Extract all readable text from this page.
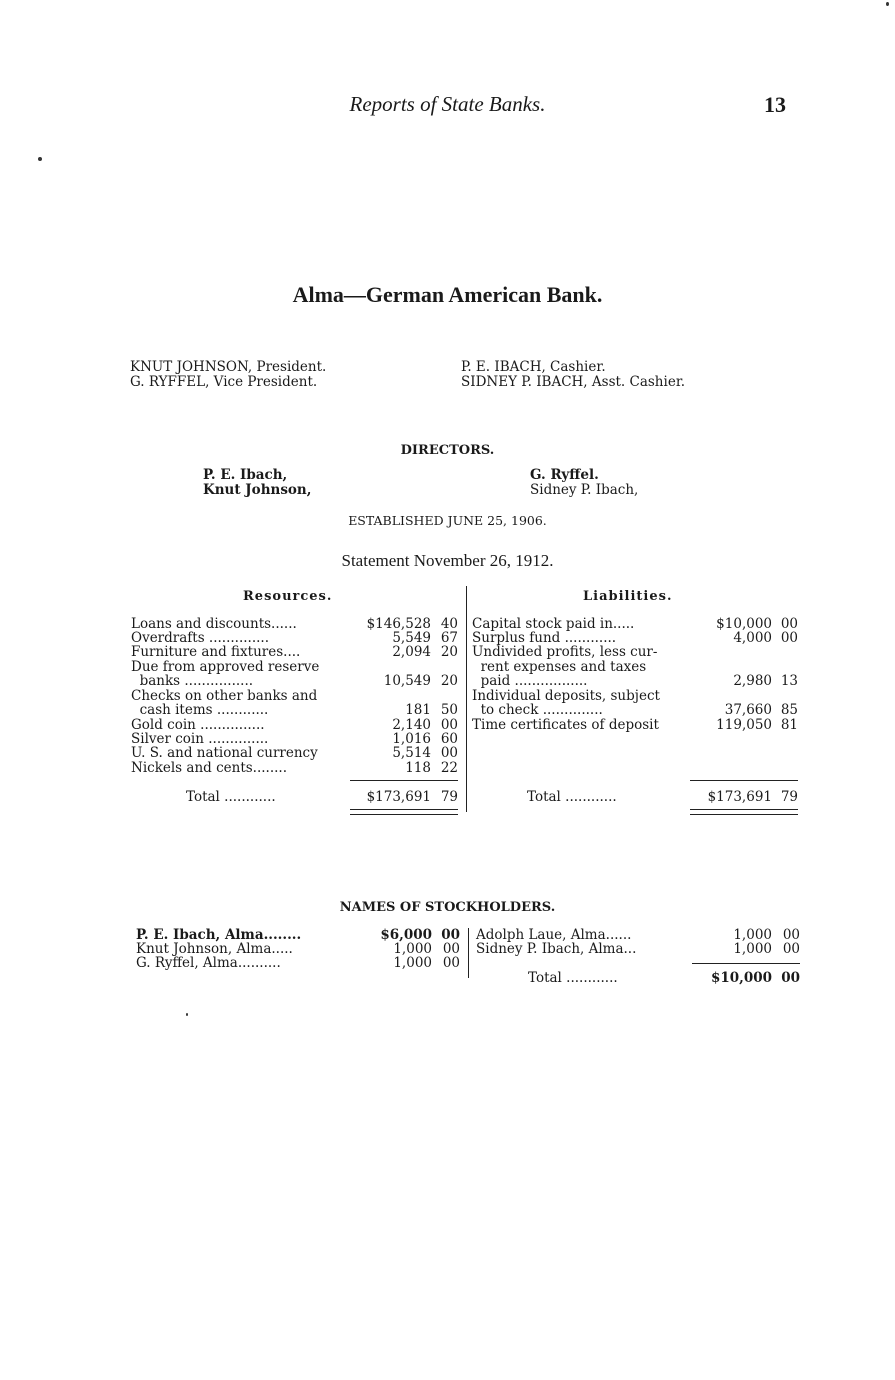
Reports of State Banks.	13
Alma—German American Bank.
KNUT JOHNSON, President.
G. RYFFEL, Vice President.
P. E. IBACH, Cashier.
SIDNEY P. IBACH, Asst. Cashier.
DIRECTORS.
P. E. Ibach,
Knut Johnson,
G. Ryffel.
Sidney P. Ibach,
ESTABLISHED JUNE 25, 1906.
Statement November 26, 1912.
Resources.	Liabilities.
Loans and discounts......	$146,528 40
Overdrafts ..............	5,549 67
Furniture and fixtures....	2,094 20
Due from approved reserve
banks ................	10,549 20
Checks on other banks and
cash items ............	181 50
Gold coin ...............	2,140 00
Silver coin ..............	1,016 60
U. S. and national currency	5,514 00
Nickels and cents........	118 22
Total ............	$173,691 79
Capital stock paid in.....	$10,000 00
Surplus fund ............	4,000 00
Undivided profits, less cur-
rent expenses and taxes
paid .................	2,980 13
Individual deposits, subject
to check ..............	37,660 85
Time certificates of deposit	119,050 81
Total ............	$173,691 79
NAMES OF STOCKHOLDERS.
P. E. Ibach, Alma........	$6,000 00
Knut Johnson, Alma.....	1,000 00
G. Ryffel, Alma..........	1,000 00
Adolph Laue, Alma......	1,000 00
Sidney P. Ibach, Alma...	1,000 00
Total ............	$10,000 00
